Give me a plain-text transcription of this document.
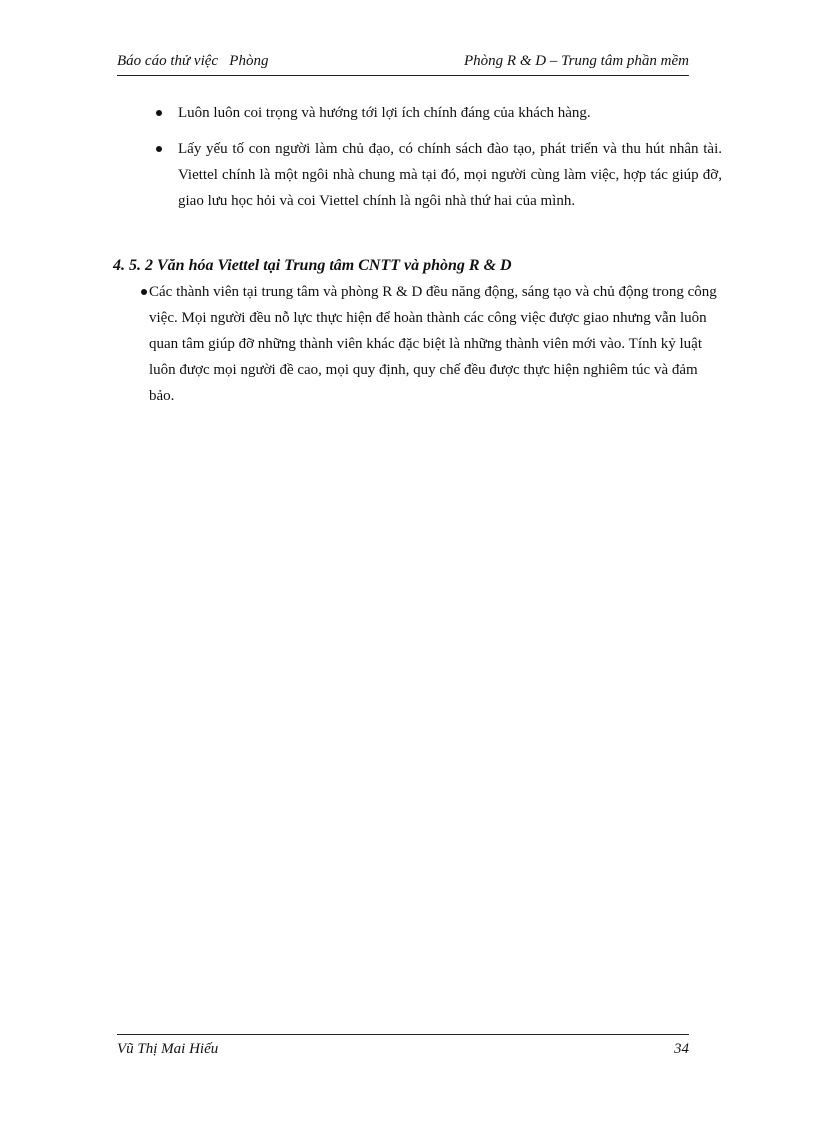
Báo cáo thử việc   Phòng	Phòng R & D – Trung tâm phần mềm
Luôn luôn coi trọng và hướng tới lợi ích chính đáng của khách hàng.
Lấy yếu tố con người làm chủ đạo, có chính sách đào tạo, phát triển và thu hút nhân tài. Viettel chính là một ngôi nhà chung mà tại đó, mọi người cùng làm việc, hợp tác giúp đỡ, giao lưu học hỏi và coi Viettel chính là ngôi nhà thứ hai của mình.
4. 5. 2 Văn hóa Viettel tại Trung tâm CNTT và phòng R & D
Các thành viên tại trung tâm và phòng R & D đều năng động, sáng tạo và chủ động trong công việc. Mọi người đều nỗ lực thực hiện để hoàn thành các công việc được giao nhưng vẫn luôn quan tâm giúp đỡ những thành viên khác đặc biệt là những thành viên mới vào. Tính kỷ luật luôn được mọi người đề cao, mọi quy định, quy chế đều được thực hiện nghiêm túc và đảm bảo.
Vũ Thị Mai Hiếu	34
